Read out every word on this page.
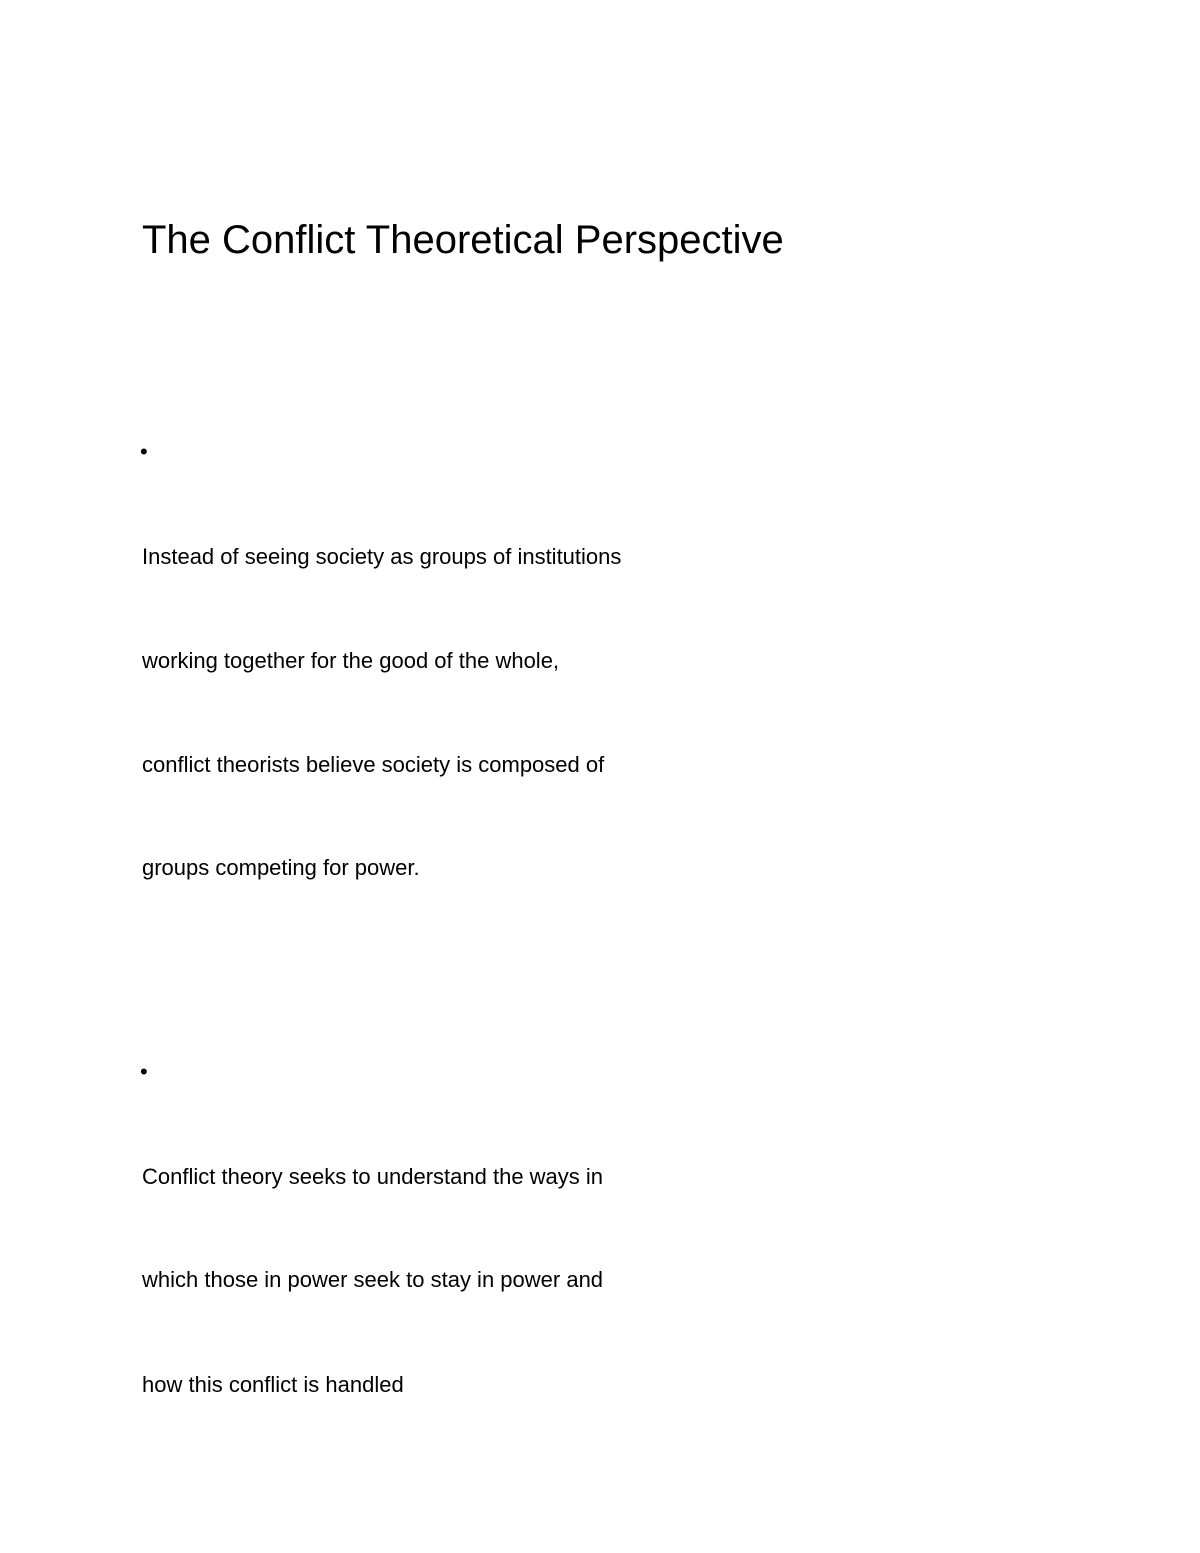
The Conflict Theoretical Perspective
•

Instead of seeing society as groups of institutions

working together for the good of the whole,

conflict theorists believe society is composed of

groups competing for power.

•

Conflict theory seeks to understand the ways in

which those in power seek to stay in power and

how this conflict is handled
